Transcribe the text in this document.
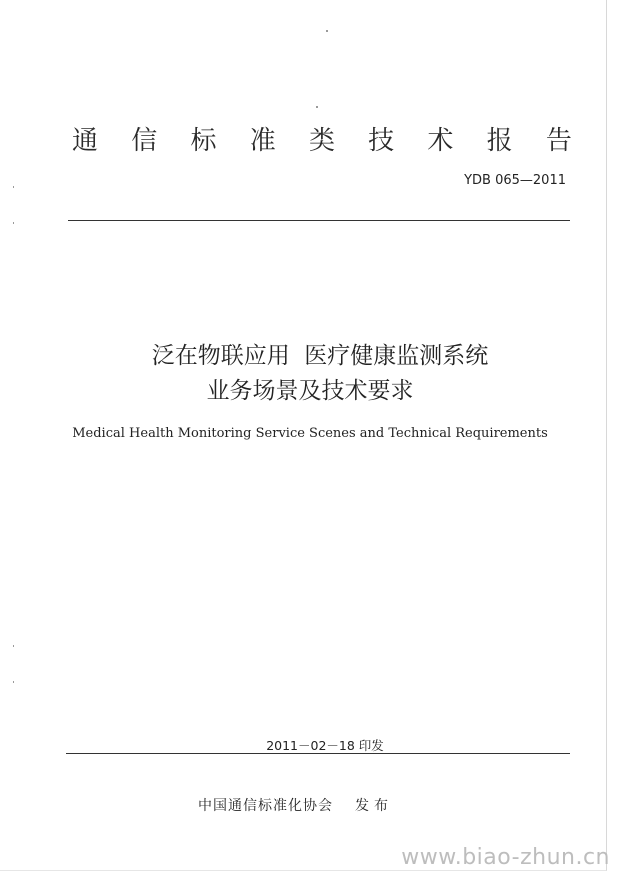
通 信 标 准 类 技 术 报 告
YDB 065—2011
泛在物联应用  医疗健康监测系统
业务场景及技术要求
Medical Health Monitoring Service Scenes and Technical Requirements
2011－02－18 印发
中国通信标准化协会 发布
www.biao-zhun.cn
